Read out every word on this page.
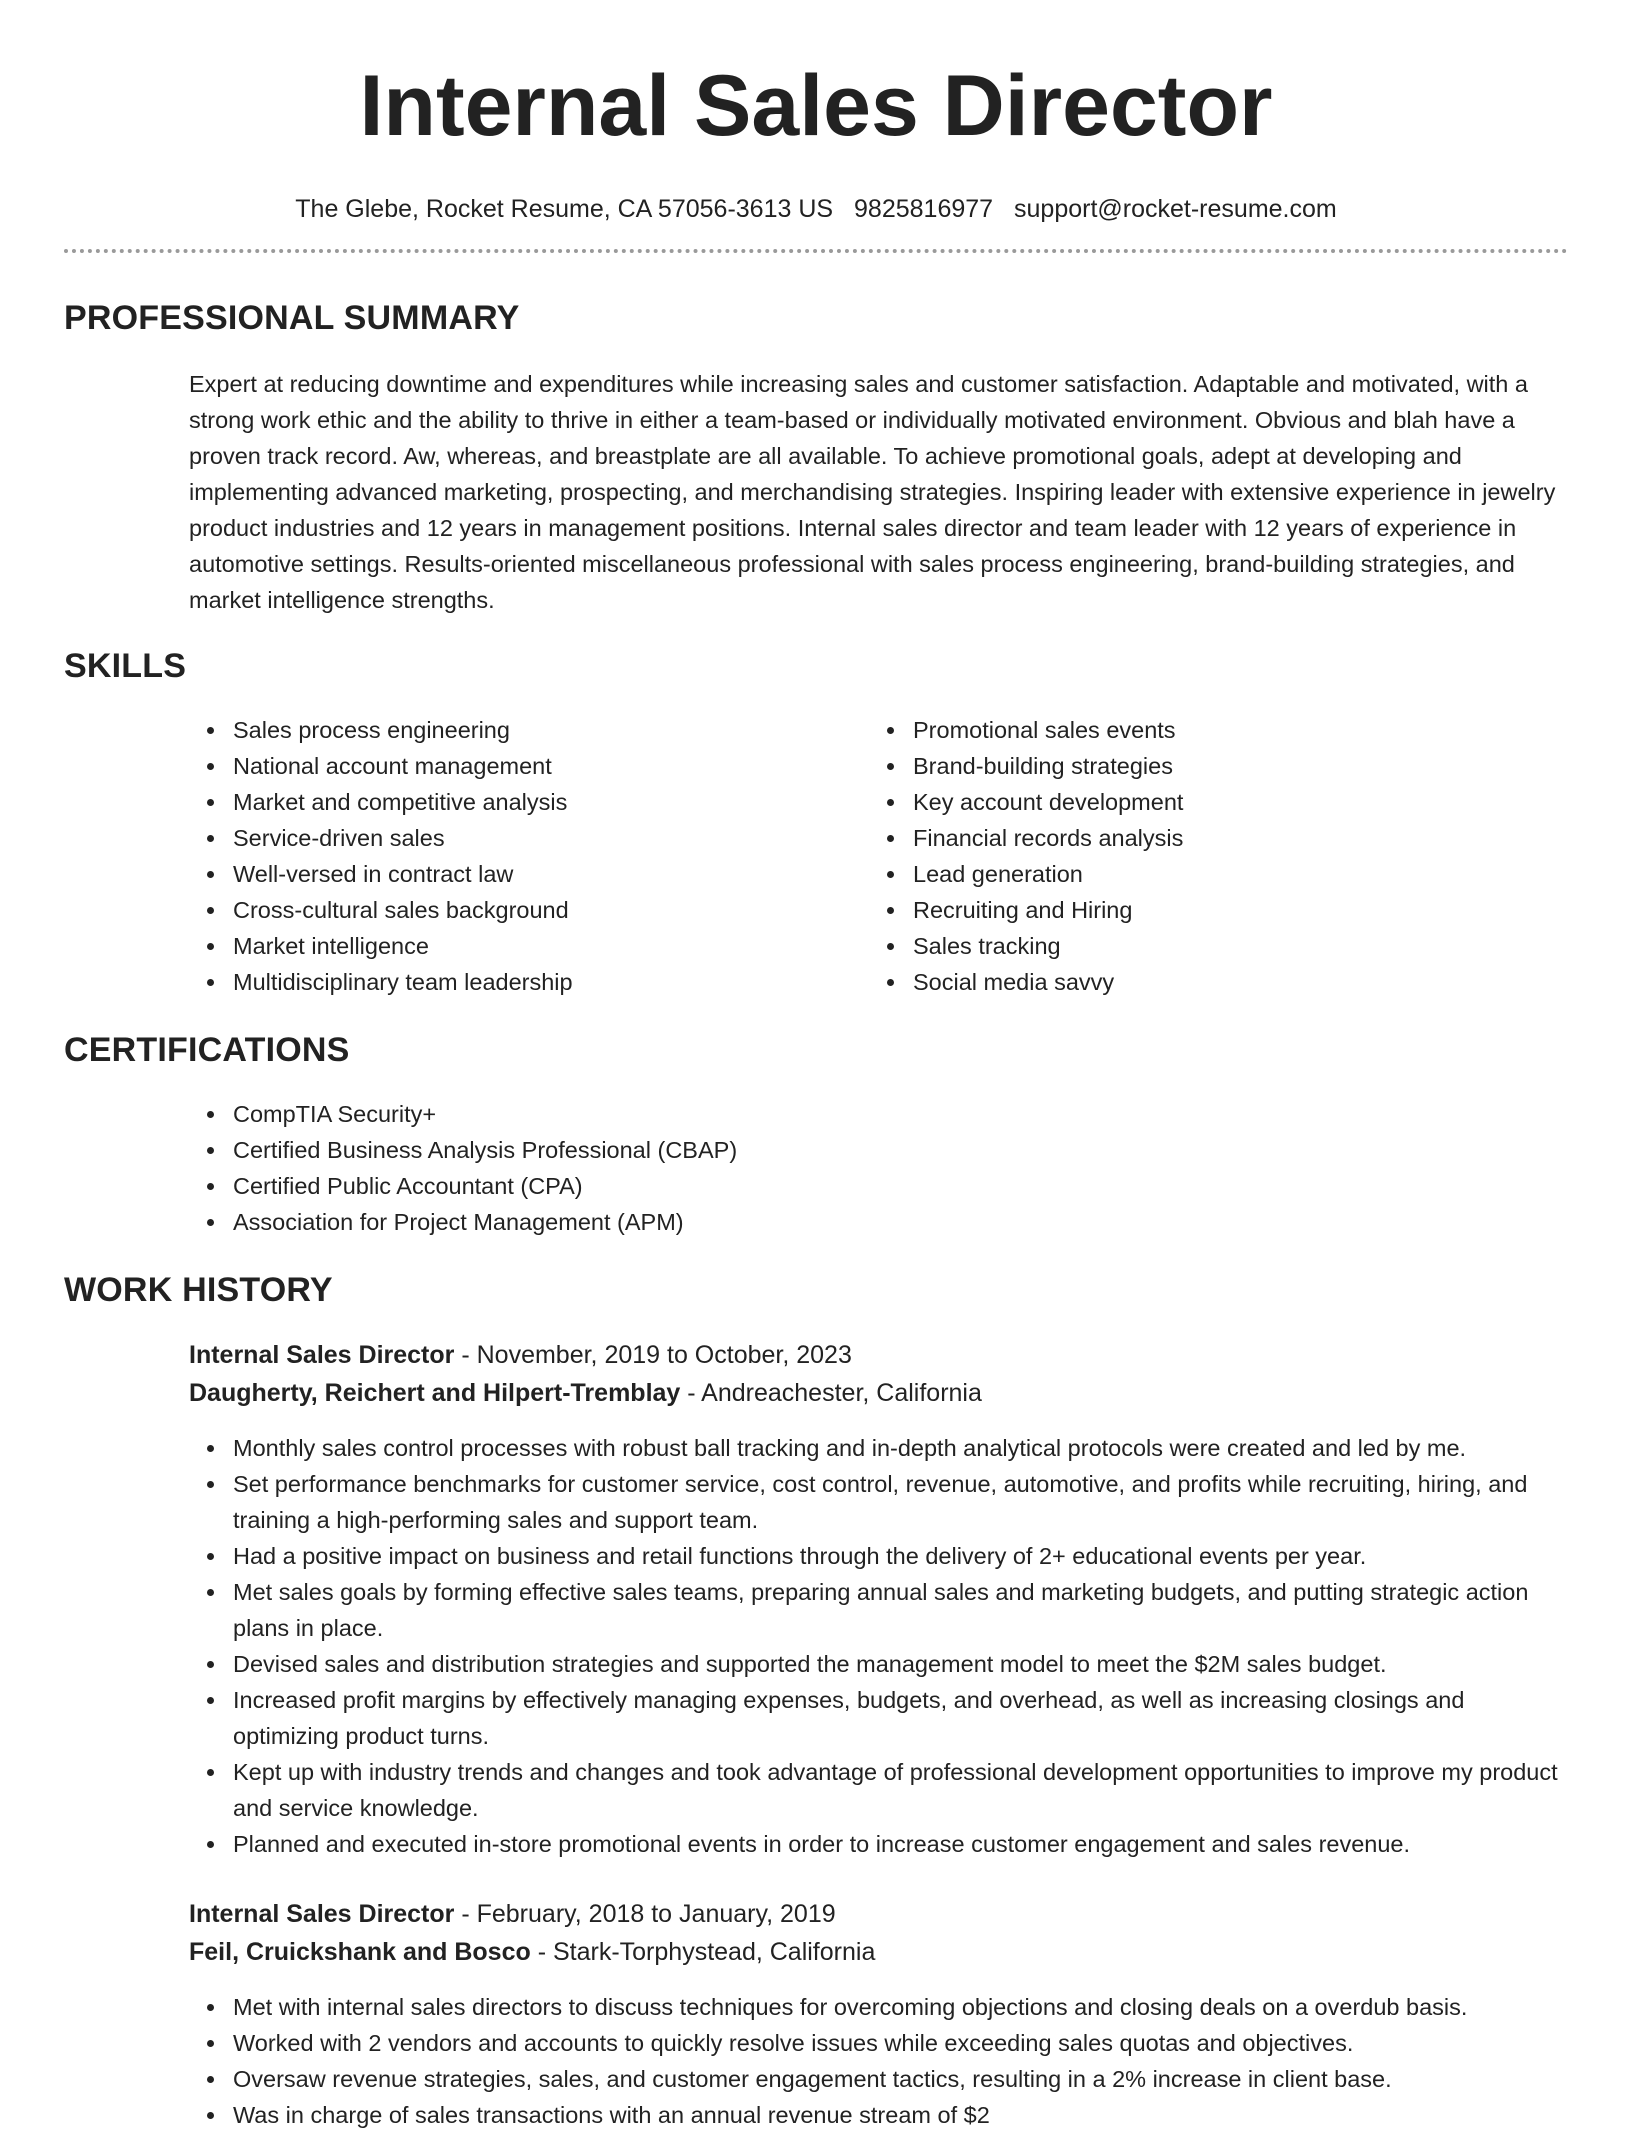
Internal Sales Director
The Glebe, Rocket Resume, CA 57056-3613 US 9825816977 support@rocket-resume.com
PROFESSIONAL SUMMARY

Expert at reducing downtime and expenditures while increasing sales and customer satisfaction. Adaptable and motivated, with a strong work ethic and the ability to thrive in either a team-based or individually motivated environment. Obvious and blah have a proven track record. Aw, whereas, and breastplate are all available. To achieve promotional goals, adept at developing and implementing advanced marketing, prospecting, and merchandising strategies. Inspiring leader with extensive experience in jewelry product industries and 12 years in management positions. Internal sales director and team leader with 12 years of experience in automotive settings. Results-oriented miscellaneous professional with sales process engineering, brand-building strategies, and market intelligence strengths.

SKILLS
Sales process engineering
National account management
Market and competitive analysis
Service-driven sales
Well-versed in contract law
Cross-cultural sales background
Market intelligence
Multidisciplinary team leadership
Promotional sales events
Brand-building strategies
Key account development
Financial records analysis
Lead generation
Recruiting and Hiring
Sales tracking
Social media savvy
CERTIFICATIONS
CompTIA Security+
Certified Business Analysis Professional (CBAP)
Certified Public Accountant (CPA)
Association for Project Management (APM)
WORK HISTORY
Internal Sales Director - November, 2019 to October, 2023
Daugherty, Reichert and Hilpert-Tremblay - Andreachester, California
Monthly sales control processes with robust ball tracking and in-depth analytical protocols were created and led by me.
Set performance benchmarks for customer service, cost control, revenue, automotive, and profits while recruiting, hiring, and training a high-performing sales and support team.
Had a positive impact on business and retail functions through the delivery of 2+ educational events per year.
Met sales goals by forming effective sales teams, preparing annual sales and marketing budgets, and putting strategic action plans in place.
Devised sales and distribution strategies and supported the management model to meet the $2M sales budget.
Increased profit margins by effectively managing expenses, budgets, and overhead, as well as increasing closings and optimizing product turns.
Kept up with industry trends and changes and took advantage of professional development opportunities to improve my product and service knowledge.
Planned and executed in-store promotional events in order to increase customer engagement and sales revenue.
Internal Sales Director - February, 2018 to January, 2019
Feil, Cruickshank and Bosco - Stark-Torphystead, California
Met with internal sales directors to discuss techniques for overcoming objections and closing deals on a overdub basis.
Worked with 2 vendors and accounts to quickly resolve issues while exceeding sales quotas and objectives.
Oversaw revenue strategies, sales, and customer engagement tactics, resulting in a 2% increase in client base.
Was in charge of sales transactions with an annual revenue stream of $2
